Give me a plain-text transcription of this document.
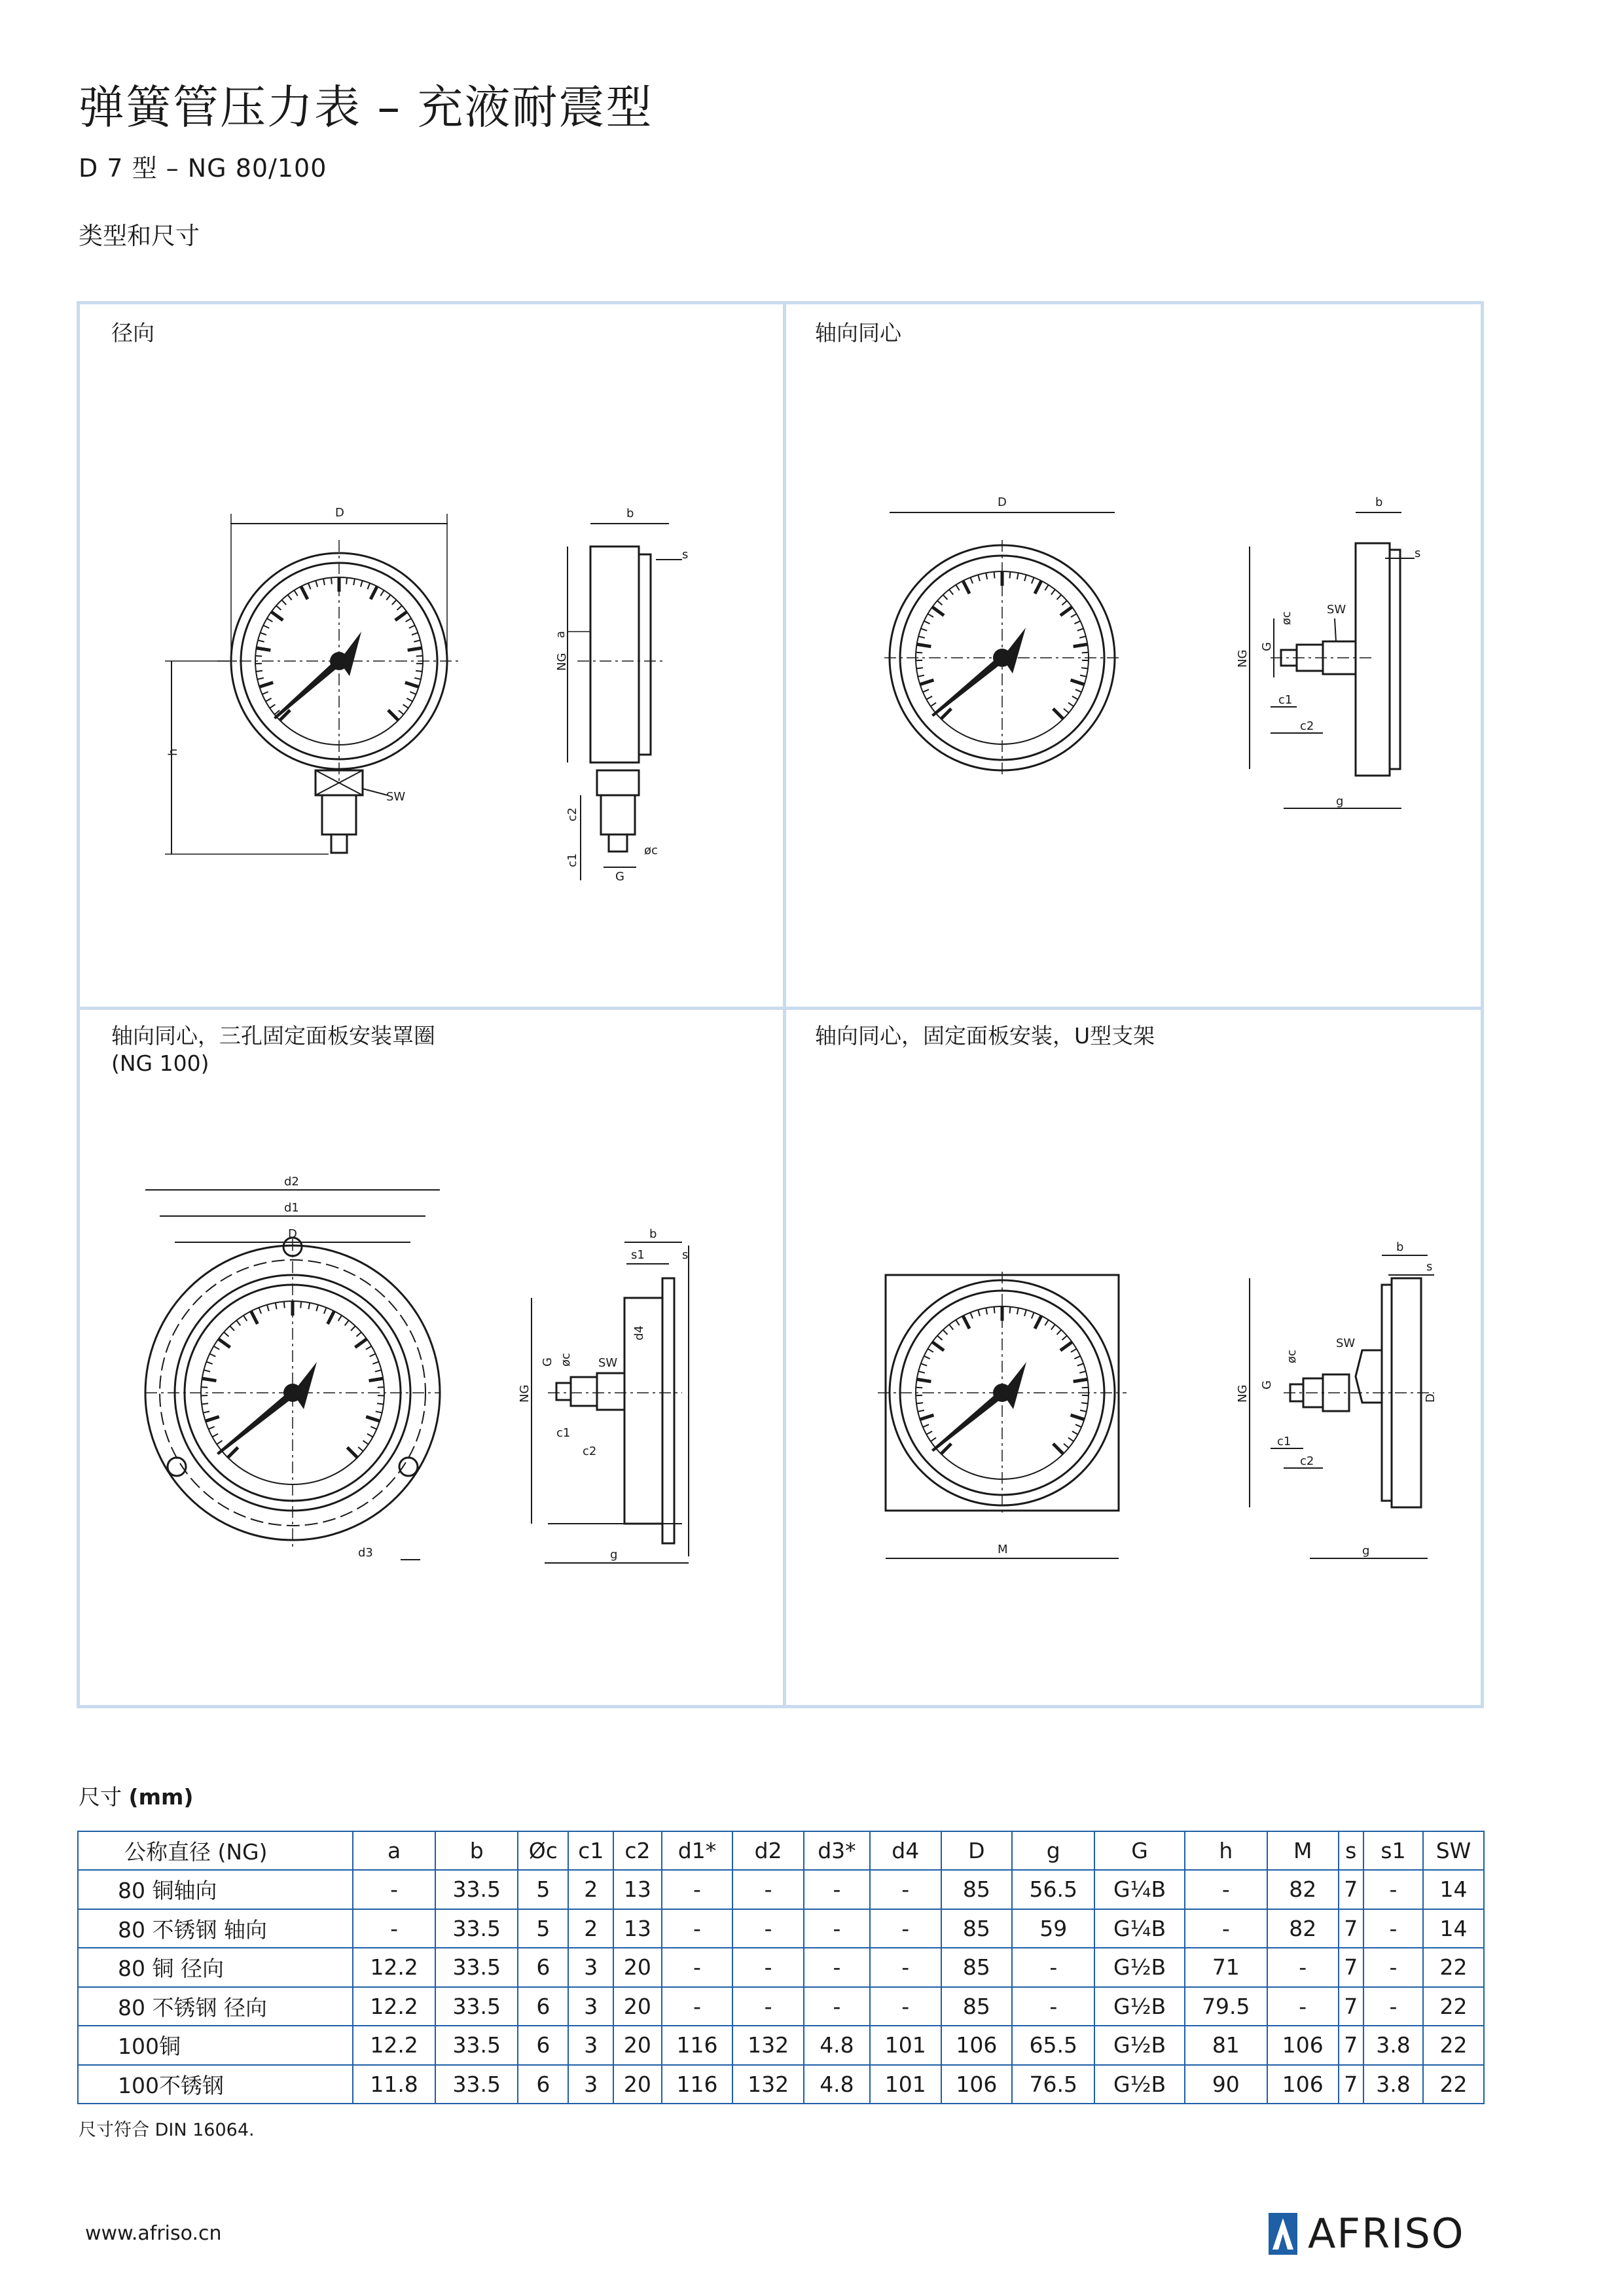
弹簧管压力表 – 充液耐震型
D 7 型 – NG 80/100
类型和尺寸
径向
D
h
SW
b
s
a
NG
c2
c1
øc
G
轴向同心
D	b
s
NG
G
øc
SW
c1
c2
g
轴向同心，三孔固定面板安装罩圈
(NG 100)
d2
d1
D
d3
b
s1	s
NG
G øc
d4
SW
c1
c2
g
轴向同心，固定面板安装，U型支架
M
b
s
NG G
øc
D
SW
c1
c2
g
尺寸 (mm)
公称直径 (NG)	a	b	Øc	c1	c2	d1*	d2	d3*	d4	D	g	G	h	M	s	s1	SW
80 铜轴向	-	33.5	5	2	13	-	-	-	-	85	56.5	G¼B	-	82	7	-	14
80 不锈钢 轴向	-	33.5	5	2	13	-	-	-	-	85	59	G¼B	-	82	7	-	14
80 铜 径向	12.2	33.5	6	3	20	-	-	-	-	85	-	G½B	71	-	7	-	22
80 不锈钢 径向	12.2	33.5	6	3	20	-	-	-	-	85	-	G½B	79.5	-	7	-	22
100铜	12.2	33.5	6	3	20	116	132	4.8	101	106	65.5	G½B	81	106	7	3.8	22
100不锈钢	11.8	33.5	6	3	20	116	132	4.8	101	106	76.5	G½B	90	106	7	3.8	22
尺寸符合 DIN 16064.
www.afriso.cn	AFRISO
